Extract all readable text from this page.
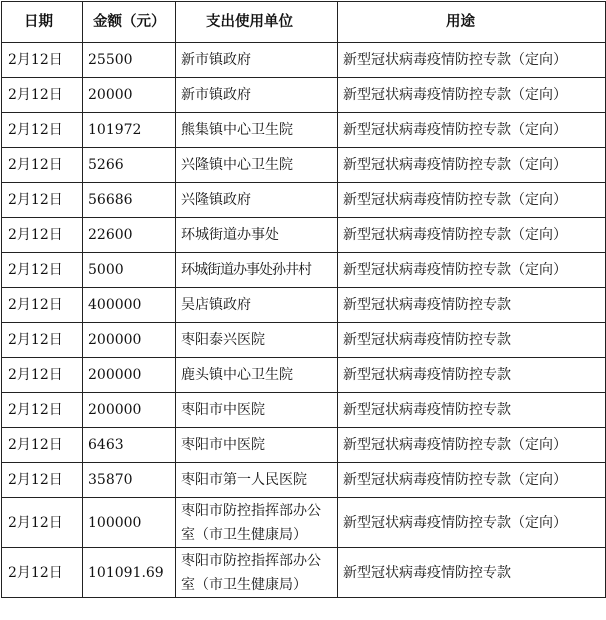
日期	金额（元）	支出使用单位	用途
2月12日	25500	新市镇政府	新型冠状病毒疫情防控专款（定向）
2月12日	20000	新市镇政府	新型冠状病毒疫情防控专款（定向）
2月12日	101972	熊集镇中心卫生院	新型冠状病毒疫情防控专款（定向）
2月12日	5266	兴隆镇中心卫生院	新型冠状病毒疫情防控专款（定向）
2月12日	56686	兴隆镇政府	新型冠状病毒疫情防控专款（定向）
2月12日	22600	环城街道办事处	新型冠状病毒疫情防控专款（定向）
2月12日	5000	环城街道办事处孙井村	新型冠状病毒疫情防控专款（定向）
2月12日	400000	吴店镇政府	新型冠状病毒疫情防控专款
2月12日	200000	枣阳泰兴医院	新型冠状病毒疫情防控专款
2月12日	200000	鹿头镇中心卫生院	新型冠状病毒疫情防控专款
2月12日	200000	枣阳市中医院	新型冠状病毒疫情防控专款
2月12日	6463	枣阳市中医院	新型冠状病毒疫情防控专款（定向）
2月12日	35870	枣阳市第一人民医院	新型冠状病毒疫情防控专款（定向）
2月12日	100000	枣阳市防控指挥部办公室（市卫生健康局）	新型冠状病毒疫情防控专款（定向）
2月12日	101091.69	枣阳市防控指挥部办公室（市卫生健康局）	新型冠状病毒疫情防控专款
